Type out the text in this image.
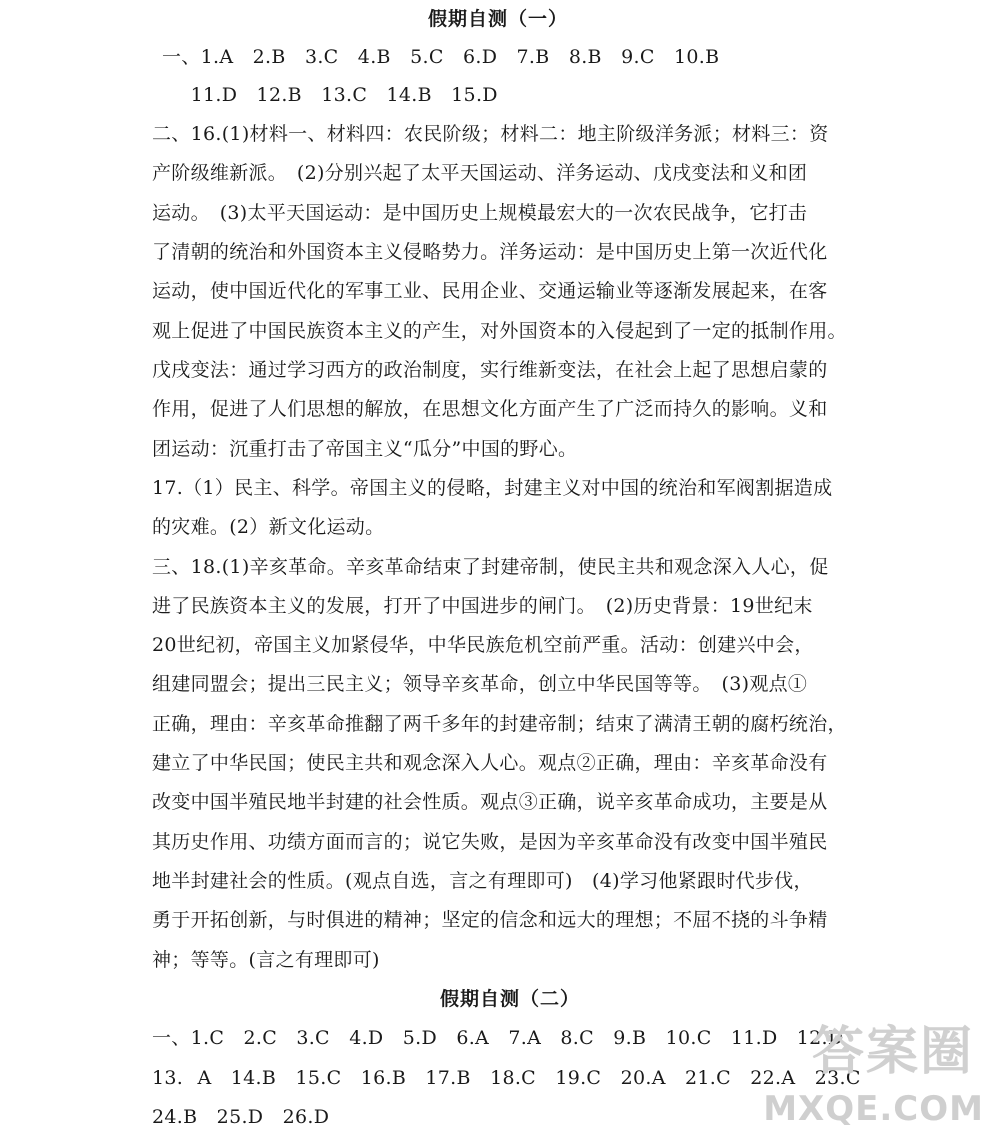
假期自测（一）
一、1.A　2.B　3.C　4.B　5.C　6.D　7.B　8.B　9.C　10.B
　　11.D　12.B　13.C　14.B　15.D
二、16.(1)材料一、材料四：农民阶级；材料二：地主阶级洋务派；材料三：资
产阶级维新派。　(2)分别兴起了太平天国运动、洋务运动、戊戌变法和义和团
运动。　(3)太平天国运动：是中国历史上规模最宏大的一次农民战争，它打击
了清朝的统治和外国资本主义侵略势力。洋务运动：是中国历史上第一次近代化
运动，使中国近代化的军事工业、民用企业、交通运输业等逐渐发展起来，在客
观上促进了中国民族资本主义的产生，对外国资本的入侵起到了一定的抵制作用。
戊戌变法：通过学习西方的政治制度，实行维新变法，在社会上起了思想启蒙的
作用，促进了人们思想的解放，在思想文化方面产生了广泛而持久的影响。义和
团运动：沉重打击了帝国主义“瓜分”中国的野心。
17.（1）民主、科学。帝国主义的侵略，封建主义对中国的统治和军阀割据造成
的灾难。(2）新文化运动。
三、18.(1)辛亥革命。辛亥革命结束了封建帝制，使民主共和观念深入人心，促
进了民族资本主义的发展，打开了中国进步的闸门。　(2)历史背景：19世纪末
20世纪初，帝国主义加紧侵华，中华民族危机空前严重。活动：创建兴中会，
组建同盟会；提出三民主义；领导辛亥革命，创立中华民国等等。　(3)观点①
正确，理由：辛亥革命推翻了两千多年的封建帝制；结束了满清王朝的腐朽统治，
建立了中华民国；使民主共和观念深入人心。观点②正确，理由：辛亥革命没有
改变中国半殖民地半封建的社会性质。观点③正确，说辛亥革命成功，主要是从
其历史作用、功绩方面而言的；说它失败，是因为辛亥革命没有改变中国半殖民
地半封建社会的性质。(观点自选，言之有理即可)　(4)学习他紧跟时代步伐，
勇于开拓创新，与时俱进的精神；坚定的信念和远大的理想；不屈不挠的斗争精
神；等等。(言之有理即可)
假期自测（二）
一、1.C　2.C　3.C　4.D　5.D　6.A　7.A　8.C　9.B　10.C　11.D　12.D
13. A　14.B　15.C　16.B　17.B　18.C　19.C　20.A　21.C　22.A　23.C
24.B　25.D　26.D
答案圈
MXQE.COM
